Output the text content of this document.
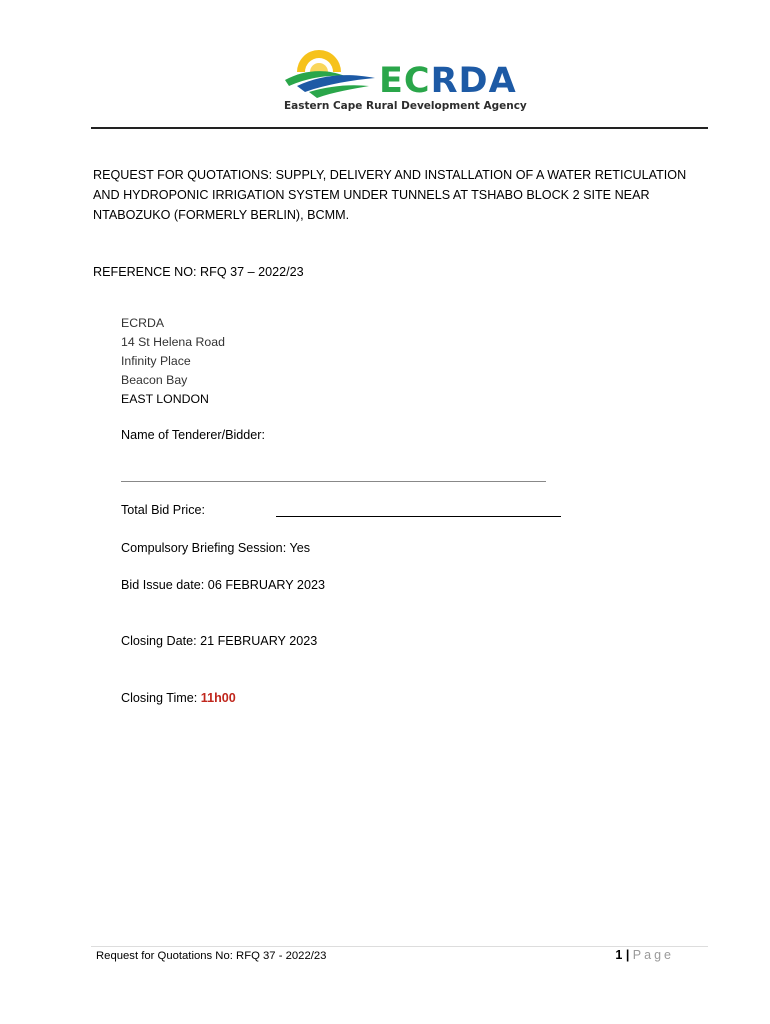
ECRDA
Eastern Cape Rural Development Agency

REQUEST FOR QUOTATIONS: SUPPLY, DELIVERY AND INSTALLATION OF A WATER RETICULATION AND HYDROPONIC IRRIGATION SYSTEM UNDER TUNNELS AT TSHABO BLOCK 2 SITE NEAR NTABOZUKO (FORMERLY BERLIN), BCMM.

REFERENCE NO: RFQ 37 – 2022/23

ECRDA
14 St Helena Road
Infinity Place
Beacon Bay
EAST LONDON
Name of Tenderer/Bidder:
Total Bid Price:
Compulsory Briefing Session: Yes
Bid Issue date: 06 FEBRUARY 2023
Closing Date: 21 FEBRUARY 2023
Closing Time: 11h00
Request for Quotations No: RFQ 37 - 2022/23	1 | Page
